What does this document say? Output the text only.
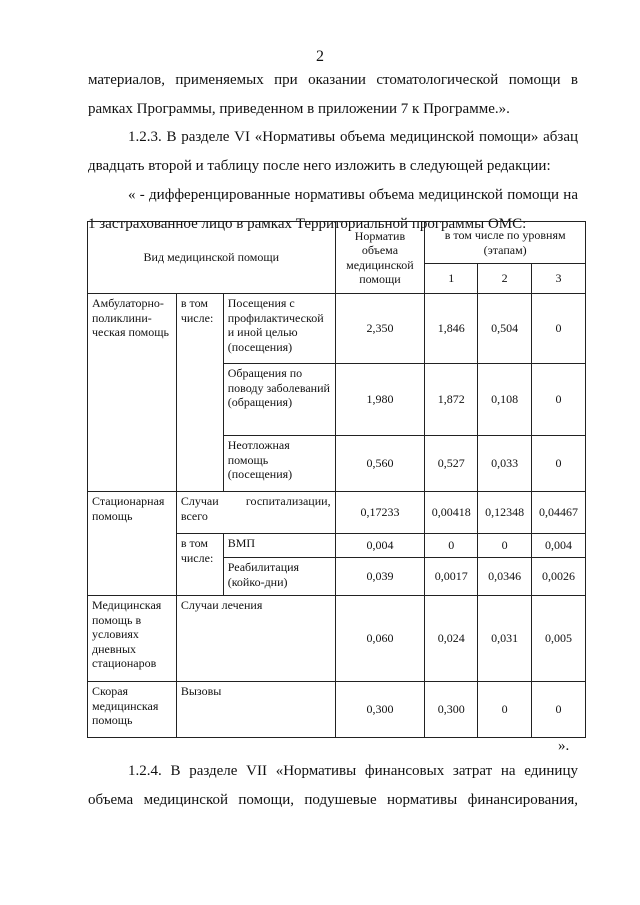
2

материалов, применяемых при оказании стоматологической помощи в
рамках Программы, приведенном в приложении 7 к Программе.».

1.2.3. В разделе VI «Нормативы объема медицинской помощи» абзац
двадцать второй и таблицу после него изложить в следующей редакции:

« - дифференцированные нормативы объема медицинской помощи на
1 застрахованное лицо в рамках Территориальной программы ОМС:

Вид медицинской помощи			Норматив объема медицинской помощи	в том числе по уровням (этапам)		
				1	2	3
Амбулаторно-поликлини-ческая помощь	в том числе:	Посещения с профилактической и иной целью (посещения)	2,350	1,846	0,504	0
		Обращения по поводу заболеваний (обращения)	1,980	1,872	0,108	0
		Неотложная помощь (посещения)	0,560	0,527	0,033	0
Стационарная помощь	Случаи госпитализации, всего		0,17233	0,00418	0,12348	0,04467
	в том числе:	ВМП	0,004	0	0	0,004
		Реабилитация (койко-дни)	0,039	0,0017	0,0346	0,0026
Медицинская помощь в условиях дневных стационаров	Случаи лечения		0,060	0,024	0,031	0,005
Скорая медицинская помощь	Вызовы		0,300	0,300	0	0
».

1.2.4. В разделе VII «Нормативы финансовых затрат на единицу
объема медицинской помощи, подушевые нормативы финансирования,
